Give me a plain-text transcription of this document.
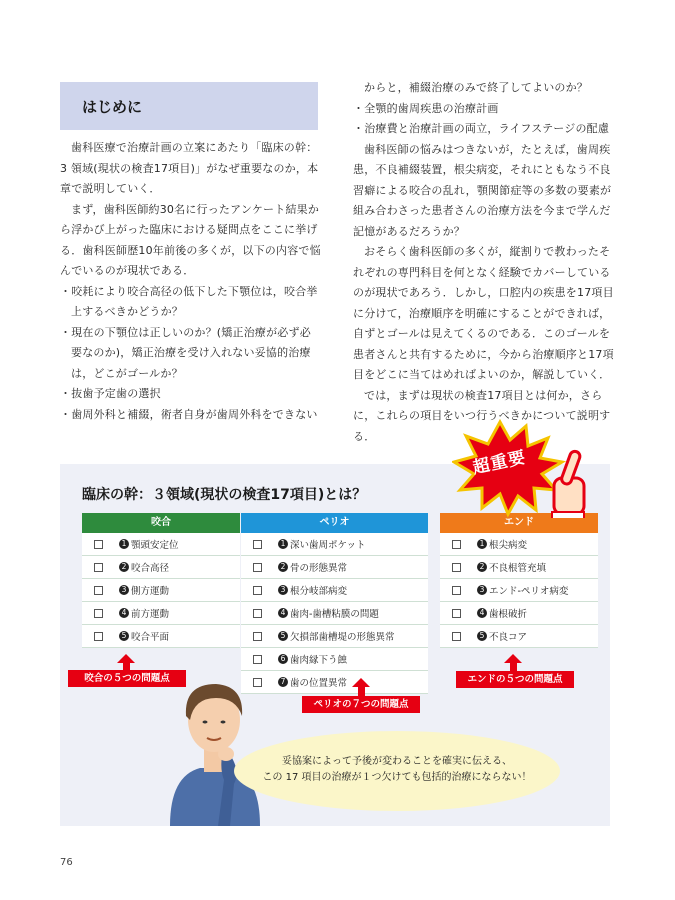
はじめに

歯科医療で治療計画の立案にあたり「臨床の幹：3 領域(現状の検査17項目)」がなぜ重要なのか，本章で説明していく．

まず，歯科医師約30名に行ったアンケート結果から浮かび上がった臨床における疑問点をここに挙げる．歯科医師歴10年前後の多くが，以下の内容で悩んでいるのが現状である．

・咬耗により咬合高径の低下した下顎位は，咬合挙上するべきかどうか？

・現在の下顎位は正しいのか？(矯正治療が必ず必要なのか)，矯正治療を受け入れない妥協的治療は，どこがゴールか？

・抜歯予定歯の選択

・歯周外科と補綴，術者自身が歯周外科をできない

からと，補綴治療のみで終了してよいのか？

・全顎的歯周疾患の治療計画

・治療費と治療計画の両立，ライフステージの配慮

歯科医師の悩みはつきないが，たとえば，歯周疾患，不良補綴装置，根尖病変，それにともなう不良習癖による咬合の乱れ，顎関節症等の多数の要素が組み合わさった患者さんの治療方法を今まで学んだ記憶があるだろうか？

おそらく歯科医師の多くが，縦割りで教わったそれぞれの専門科目を何となく経験でカバーしているのが現状であろう．しかし，口腔内の疾患を17項目に分けて，治療順序を明確にすることができれば，自ずとゴールは見えてくるのである．このゴールを患者さんと共有するために，今から治療順序と17項目をどこに当てはめればよいのか，解説していく．

では，まずは現状の検査17項目とは何か，さらに，これらの項目をいつ行うべきかについて説明する．

臨床の幹：３領域(現状の検査17項目)とは？
咬合
1 顎頭安定位
2 咬合高径
3 側方運動
4 前方運動
5 咬合平面
ペリオ
1 深い歯周ポケット
2 骨の形態異常
3 根分岐部病変
4 歯肉-歯槽粘膜の問題
5 欠損部歯槽堤の形態異常
6 歯肉縁下う蝕
7 歯の位置異常
エンド
1 根尖病変
2 不良根管充填
3 エンド-ペリオ病変
4 歯根破折
5 不良コア
咬合の５つの問題点
ペリオの７つの問題点
エンドの５つの問題点
超重要
妥協案によって予後が変わることを確実に伝える、
この 17 項目の治療が１つ欠けても包括的治療にならない！
76
